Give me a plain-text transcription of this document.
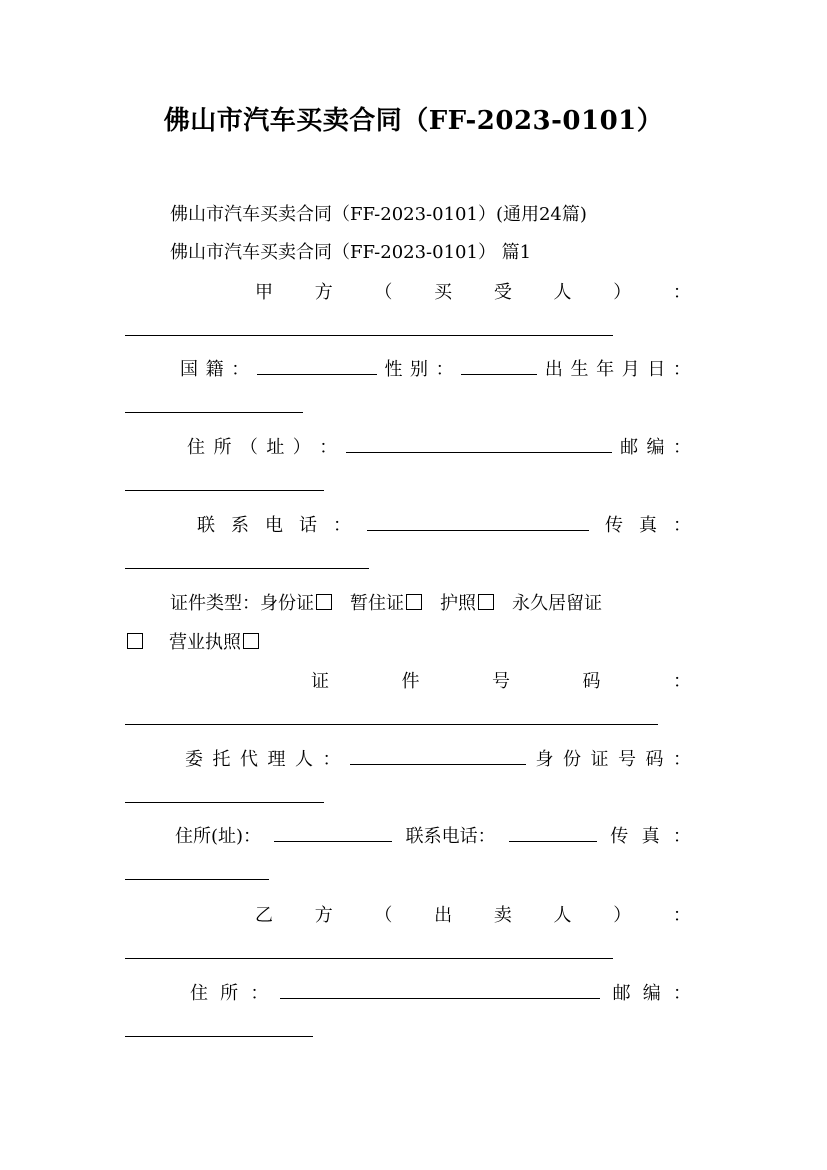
佛山市汽车买卖合同（FF-2023-0101）
佛山市汽车买卖合同（FF-2023-0101）(通用24篇)
佛山市汽车买卖合同（FF-2023-0101） 篇1
甲 方 （ 买 受 人 ） ：
国 籍 ：	性 别 ：	出 生 年 月 日 ：
住 所 （ 址 ） ：	邮 编 ：
联 系 电 话 ：	传 真 ：
证件类型：身份证 暂住证 护照 永久居留证
营业执照
证	件	号	码	：
委 托 代 理 人 ：	身 份 证 号 码 ：
住所(址)：	联系电话：	传 真 ：
乙 方 （ 出 卖 人 ） ：
住 所 ：	邮 编 ：
